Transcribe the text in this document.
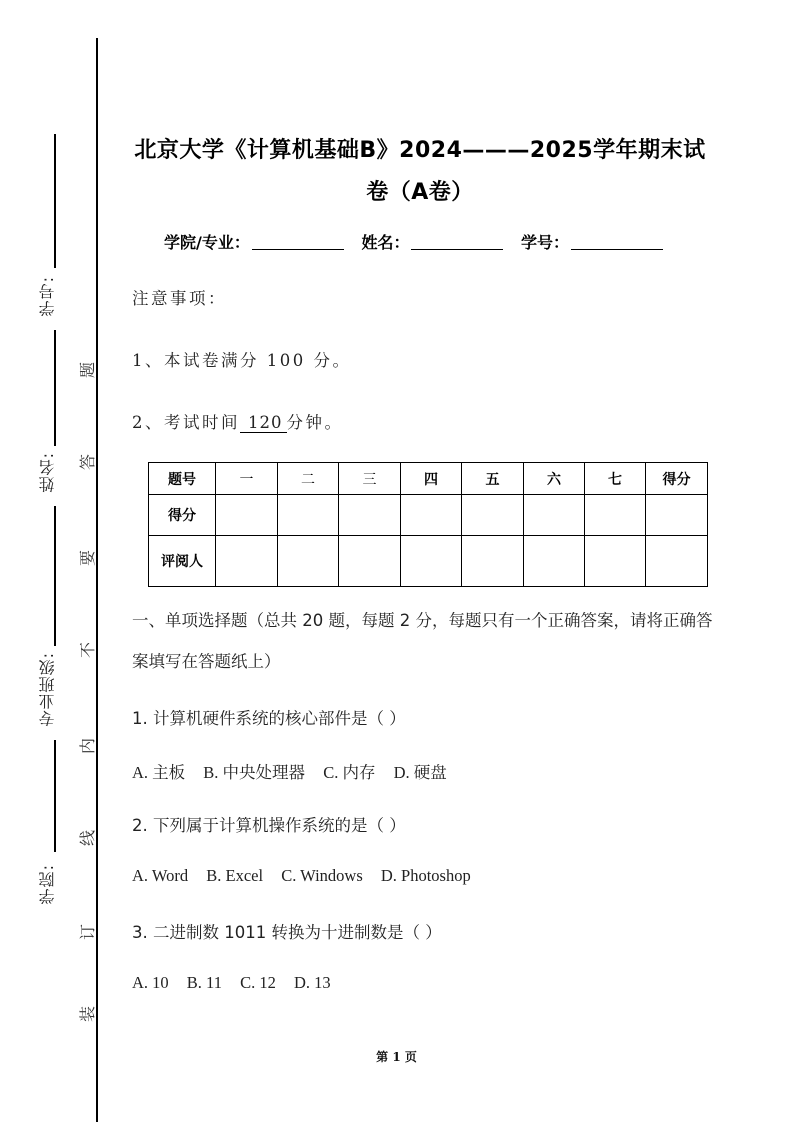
学号:
姓名:
专业班级:
学院:
题
答
要
不
内
线
订
装
北京大学《计算机基础B》2024———2025学年期末试
卷（A卷）
学院/专业：	姓名：	学号：
注意事项：
1、本试卷满分 100 分。
2、考试时间 120 分钟。
题号	一	二	三	四	五	六	七	得分
得分								
评阅人								
一、单项选择题（总共 20 题，每题 2 分，每题只有一个正确答案，请将正确答案填写在答题纸上）
1. 计算机硬件系统的核心部件是（ ）
A. 主板 B. 中央处理器 C. 内存 D. 硬盘
2. 下列属于计算机操作系统的是（ ）
A. Word B. Excel C. Windows D. Photoshop
3. 二进制数 1011 转换为十进制数是（ ）
A. 10 B. 11 C. 12 D. 13
第 1 页
